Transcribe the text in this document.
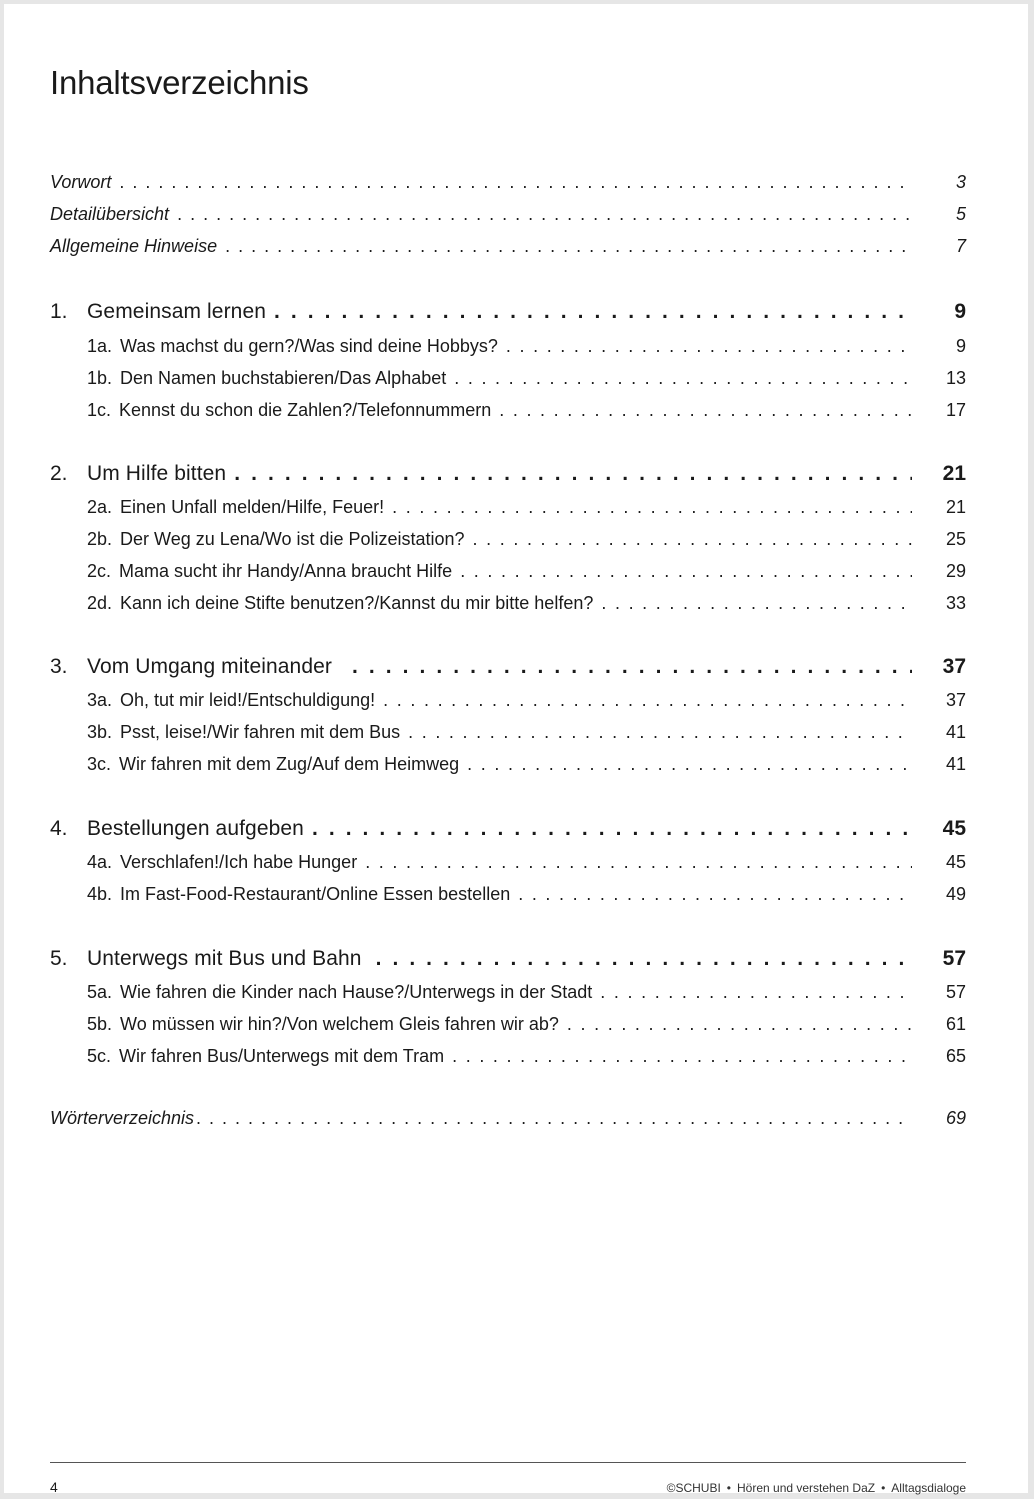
Inhaltsverzeichnis
Vorwort . . .	3
Detailübersicht . . .	5
Allgemeine Hinweise . . .	7
1. Gemeinsam lernen . . .	9
1a. Was machst du gern?/Was sind deine Hobbys? . . .	9
1b. Den Namen buchstabieren/Das Alphabet . . .	13
1c. Kennst du schon die Zahlen?/Telefonnummern . . .	17
2. Um Hilfe bitten . . .	21
2a. Einen Unfall melden/Hilfe, Feuer! . . .	21
2b. Der Weg zu Lena/Wo ist die Polizeistation? . . .	25
2c. Mama sucht ihr Handy/Anna braucht Hilfe . . .	29
2d. Kann ich deine Stifte benutzen?/Kannst du mir bitte helfen? . . .	33
3. Vom Umgang miteinander . . .	37
3a. Oh, tut mir leid!/Entschuldigung! . . .	37
3b. Psst, leise!/Wir fahren mit dem Bus . . .	41
3c. Wir fahren mit dem Zug/Auf dem Heimweg . . .	41
4. Bestellungen aufgeben . . .	45
4a. Verschlafen!/Ich habe Hunger . . .	45
4b. Im Fast-Food-Restaurant/Online Essen bestellen . . .	49
5. Unterwegs mit Bus und Bahn . . .	57
5a. Wie fahren die Kinder nach Hause?/Unterwegs in der Stadt . . .	57
5b. Wo müssen wir hin?/Von welchem Gleis fahren wir ab? . . .	61
5c. Wir fahren Bus/Unterwegs mit dem Tram . . .	65
Wörterverzeichnis . . .	69
4	©SCHUBI • Hören und verstehen DaZ • Alltagsdialoge
